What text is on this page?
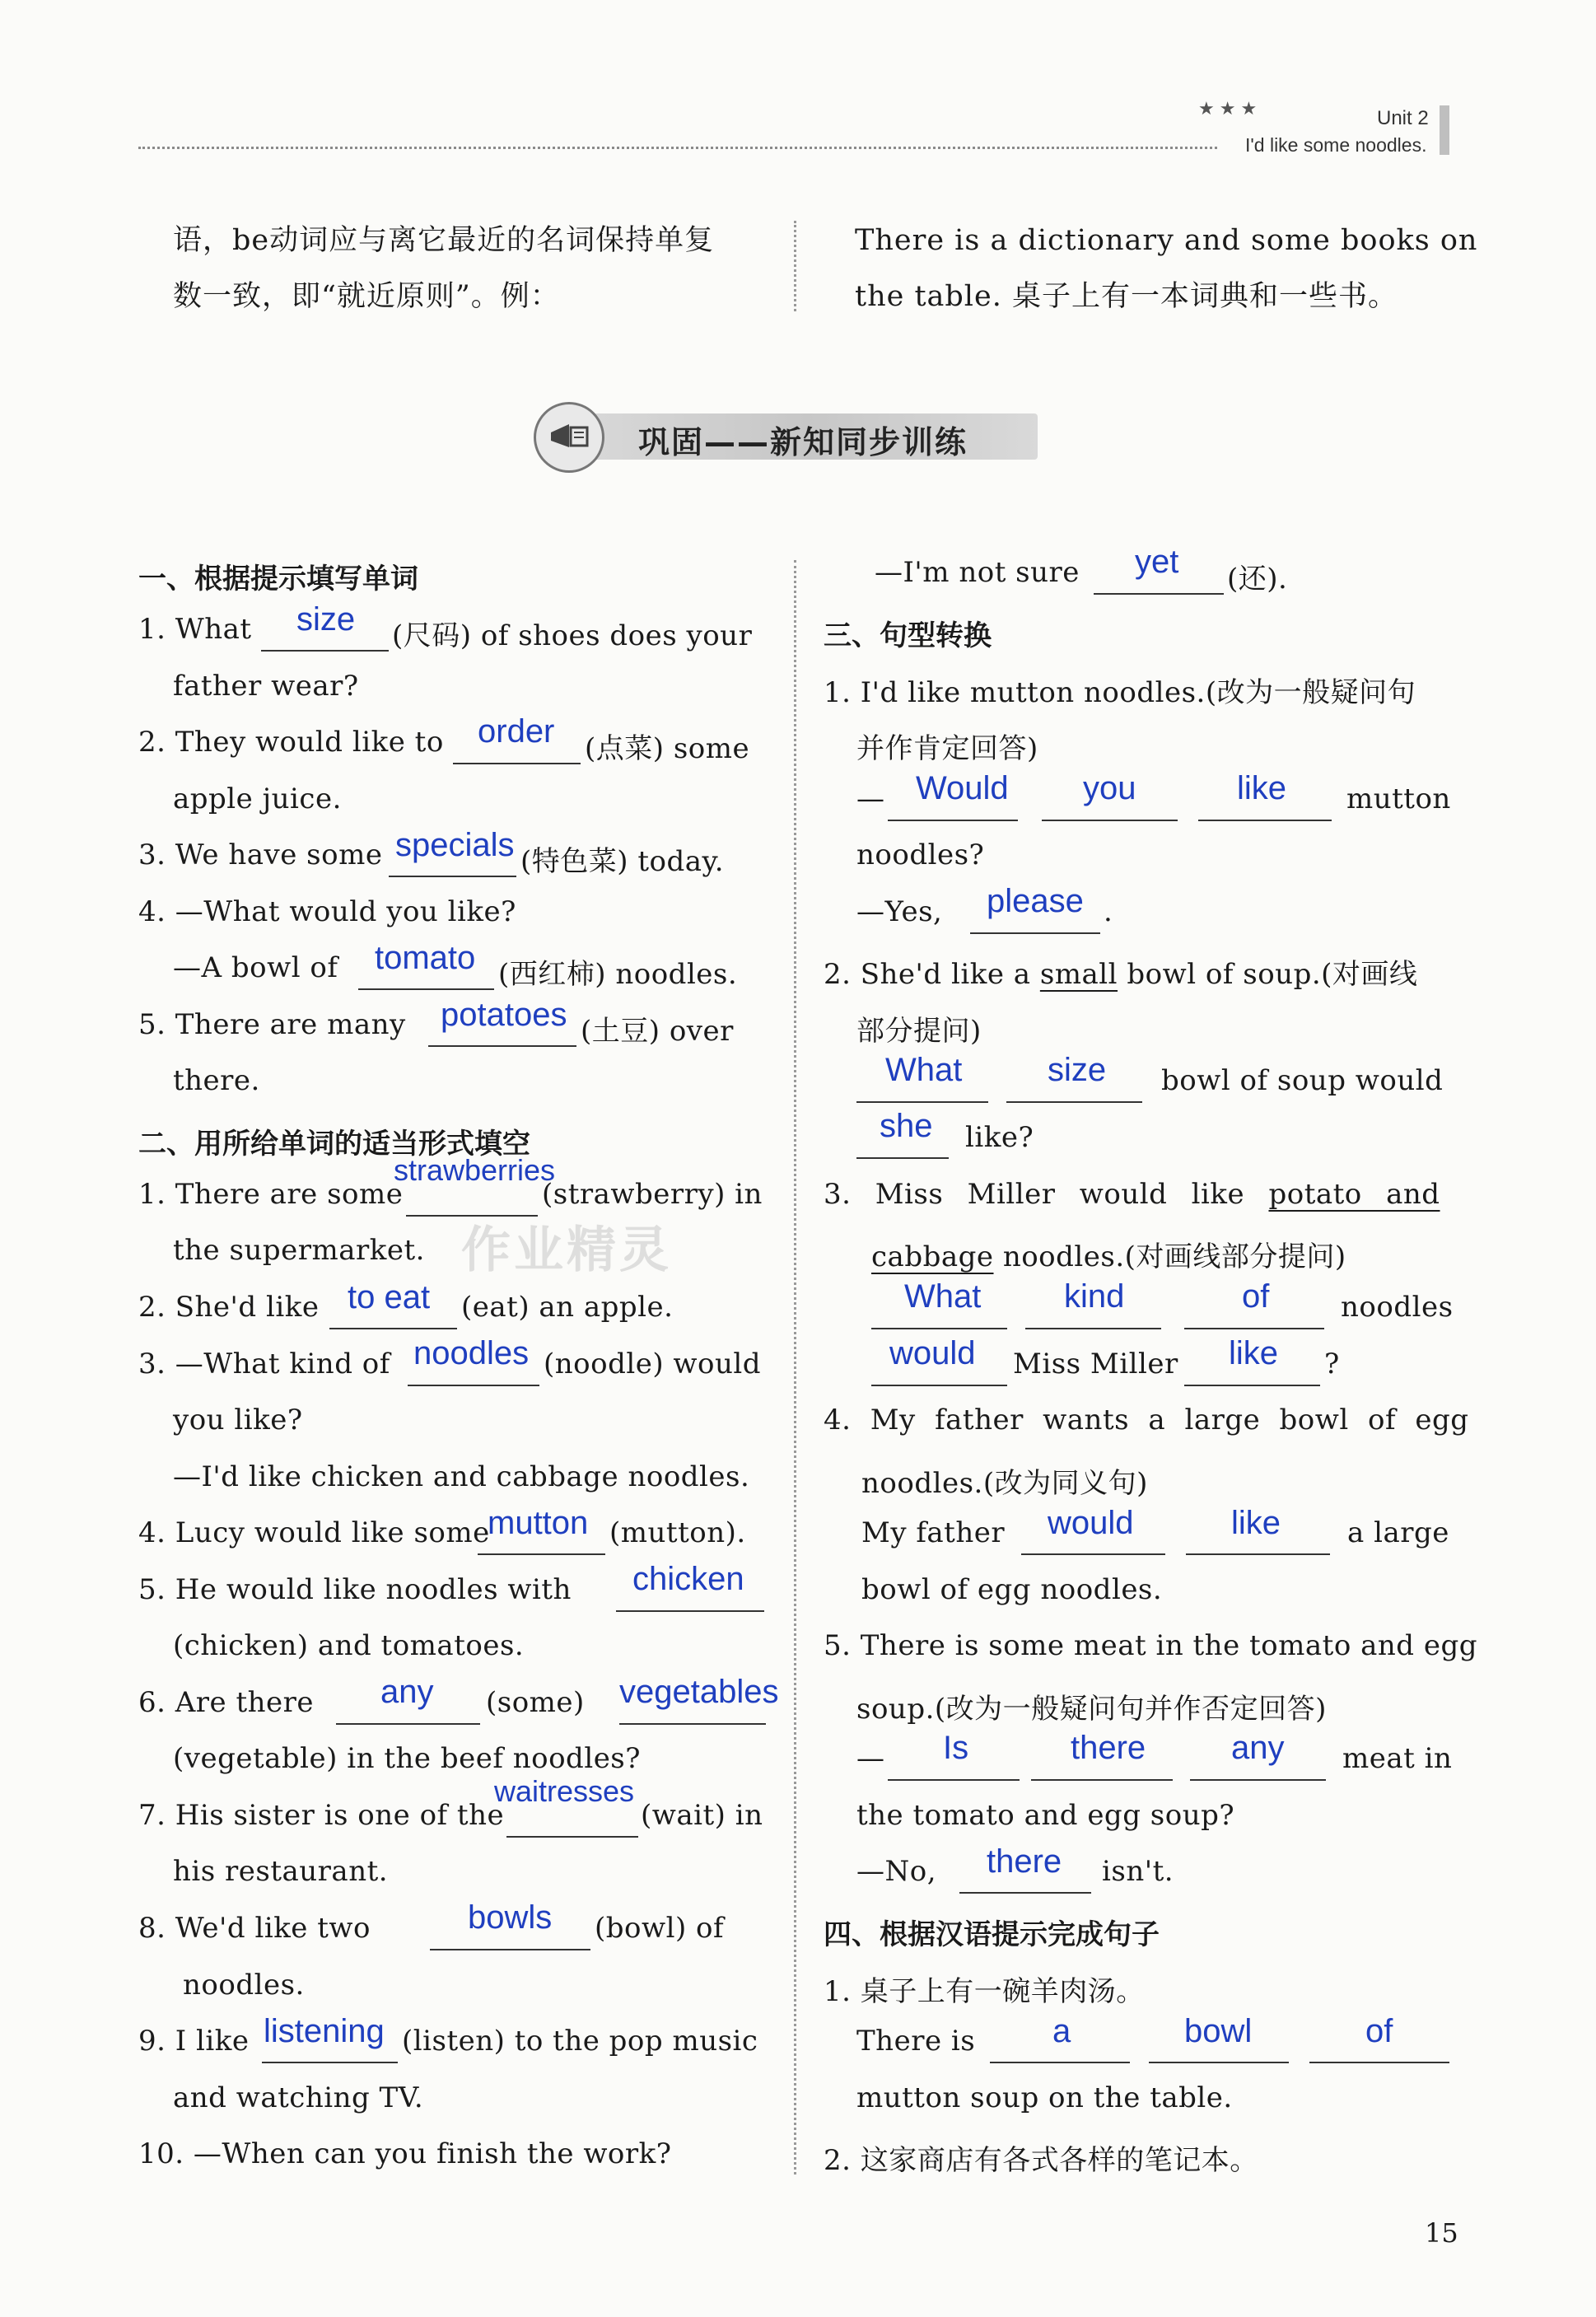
★★★	Unit 2
I'd like some noodles.
语，be动词应与离它最近的名词保持单复
数一致，即“就近原则”。例：
There is a dictionary and some books on
the table. 桌子上有一本词典和一些书。
巩固——新知同步训练
作业精灵
一、根据提示填写单词
1. What size (尺码) of shoes does your
father wear?
2. They would like to order (点菜) some
apple juice.
3. We have some specials (特色菜) today.
4. —What would you like?
—A bowl of tomato (西红柿) noodles.
5. There are many potatoes (土豆) over
there.
二、用所给单词的适当形式填空
1. There are some
strawberries
(strawberry) in
the supermarket.
2. She'd like to eat (eat) an apple.
3. —What kind of noodles (noodle) would
you like?
—I'd like chicken and cabbage noodles.
4. Lucy would like some
mutton (mutton).
5. He would like noodles with chicken
(chicken) and tomatoes.
6. Are there any (some) vegetables
(vegetable) in the beef noodles?
7. His sister is one of the
waitresses
(wait) in
his restaurant.
8. We'd like two	bowls (bowl) of
noodles.
9. I like listening (listen) to the pop music
and watching TV.
10. —When can you finish the work?
—I'm not sure yet (还).
三、句型转换
1. I'd like mutton noodles.(改为一般疑问句
并作肯定回答)
— Would you	like mutton
noodles?
—Yes, please .
2. She'd like a small bowl of soup.(对画线
部分提问)
What	size bowl of soup would
she like?
3. Miss Miller would like potato and
cabbage noodles.(对画线部分提问)
What	kind	of	noodles
would Miss Miller like ?
4. My father wants a large bowl of egg
noodles.(改为同义句)
My father would	like a large
bowl of egg noodles.
5. There is some meat in the tomato and egg
soup.(改为一般疑问句并作否定回答)
— Is	there	any meat in
the tomato and egg soup?
—No, there isn't.
四、根据汉语提示完成句子
1. 桌子上有一碗羊肉汤。
There is a	bowl	of
mutton soup on the table.
2. 这家商店有各式各样的笔记本。
15
